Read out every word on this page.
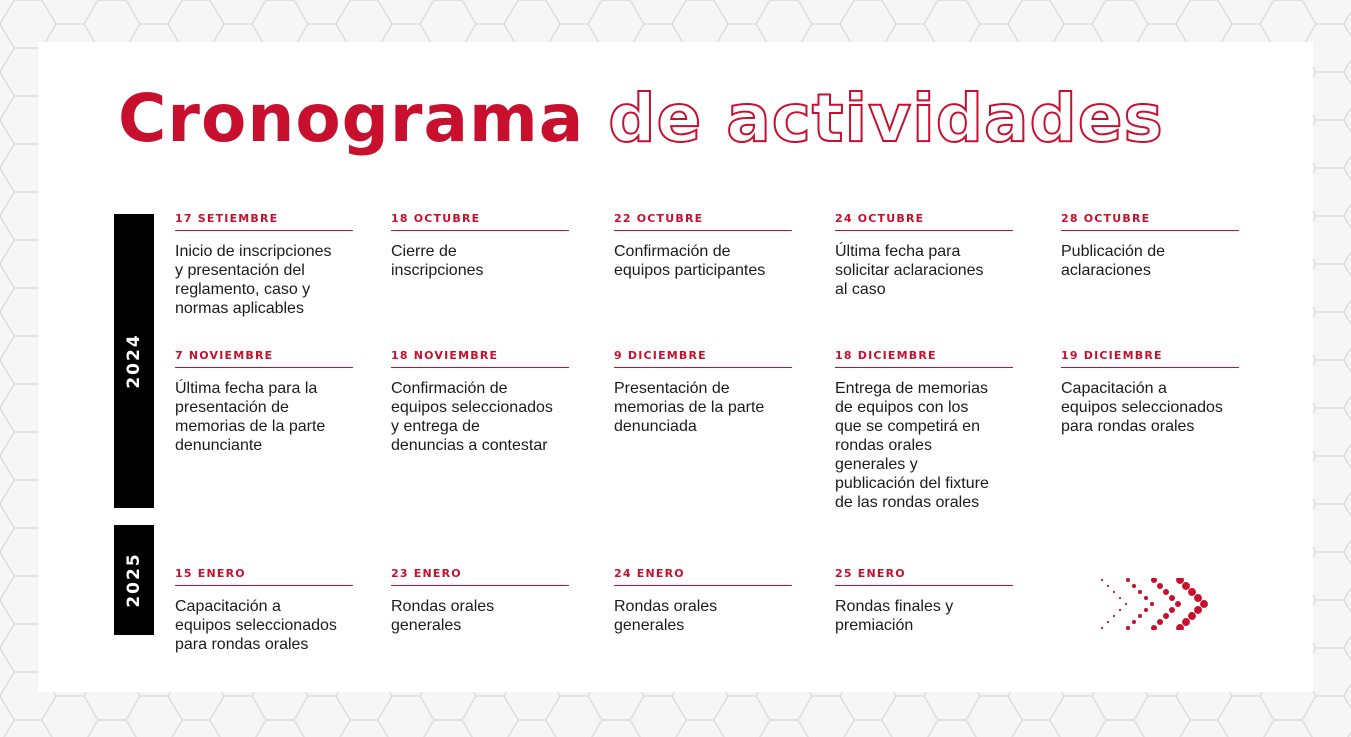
Cronograma de actividades
2024
2025
17 SETIEMBRE
Inicio de inscripciones
y presentación del
reglamento, caso y
normas aplicables
18 OCTUBRE
Cierre de
inscripciones
22 OCTUBRE
Confirmación de
equipos participantes
24 OCTUBRE
Última fecha para
solicitar aclaraciones
al caso
28 OCTUBRE
Publicación de
aclaraciones
7 NOVIEMBRE
Última fecha para la
presentación de
memorias de la parte
denunciante
18 NOVIEMBRE
Confirmación de
equipos seleccionados
y entrega de
denuncias a contestar
9 DICIEMBRE
Presentación de
memorias de la parte
denunciada
18 DICIEMBRE
Entrega de memorias
de equipos con los
que se competirá en
rondas orales
generales y
publicación del fixture
de las rondas orales
19 DICIEMBRE
Capacitación a
equipos seleccionados
para rondas orales
15 ENERO
Capacitación a
equipos seleccionados
para rondas orales
23 ENERO
Rondas orales
generales
24 ENERO
Rondas orales
generales
25 ENERO
Rondas finales y
premiación
